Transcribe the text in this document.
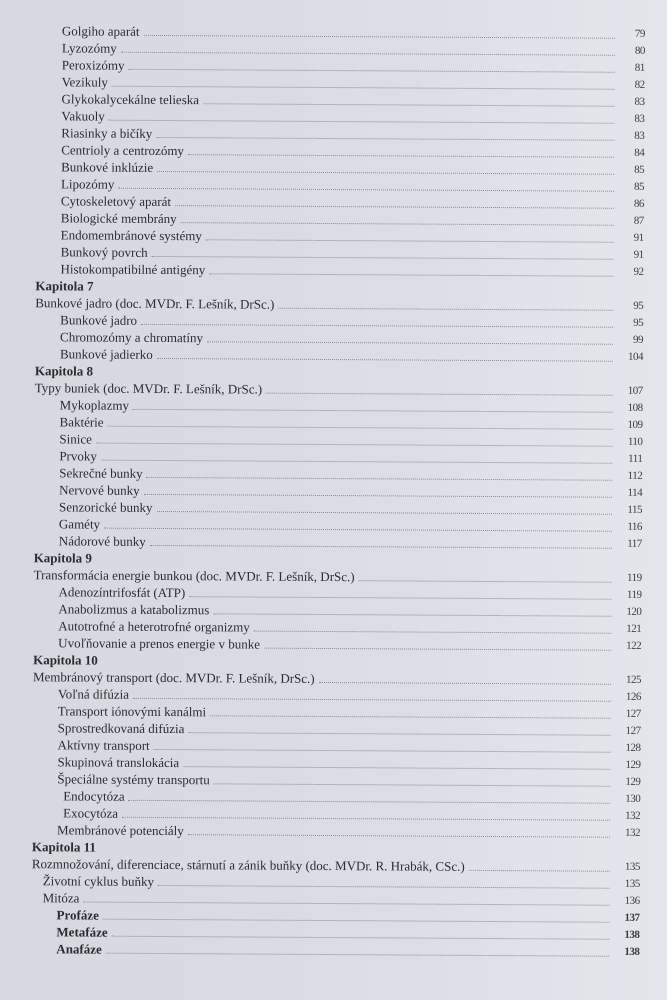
Golgiho aparát	79
Lyzozómy	80
Peroxizómy	81
Vezikuly	82
Glykokalycekálne telieska	83
Vakuoly	83
Riasinky a bičíky	83
Centrioly a centrozómy	84
Bunkové inklúzie	85
Lipozómy	85
Cytoskeletový aparát	86
Biologické membrány	87
Endomembránové systémy	91
Bunkový povrch	91
Histokompatibilné antigény	92
Kapitola 7
Bunkové jadro (doc. MVDr. F. Lešník, DrSc.)	95
Bunkové jadro	95
Chromozómy a chromatíny	99
Bunkové jadierko	104
Kapitola 8
Typy buniek (doc. MVDr. F. Lešník, DrSc.)	107
Mykoplazmy	108
Baktérie	109
Sinice	110
Prvoky	111
Sekrečné bunky	112
Nervové bunky	114
Senzorické bunky	115
Gaméty	116
Nádorové bunky	117
Kapitola 9
Transformácia energie bunkou (doc. MVDr. F. Lešník, DrSc.)	119
Adenozíntrifosfát (ATP)	119
Anabolizmus a katabolizmus	120
Autotrofné a heterotrofné organizmy	121
Uvoľňovanie a prenos energie v bunke	122
Kapitola 10
Membránový transport (doc. MVDr. F. Lešník, DrSc.)	125
Voľná difúzia	126
Transport iónovými kanálmi	127
Sprostredkovaná difúzia	127
Aktívny transport	128
Skupinová translokácia	129
Špeciálne systémy transportu	129
Endocytóza	130
Exocytóza	132
Membránové potenciály	132
Kapitola 11
Rozmnožování, diferenciace, stárnutí a zánik buňky (doc. MVDr. R. Hrabák, CSc.)	135
Životní cyklus buňky	135
Mitóza	136
Profáze	137
Metafáze	138
Anafáze	138
